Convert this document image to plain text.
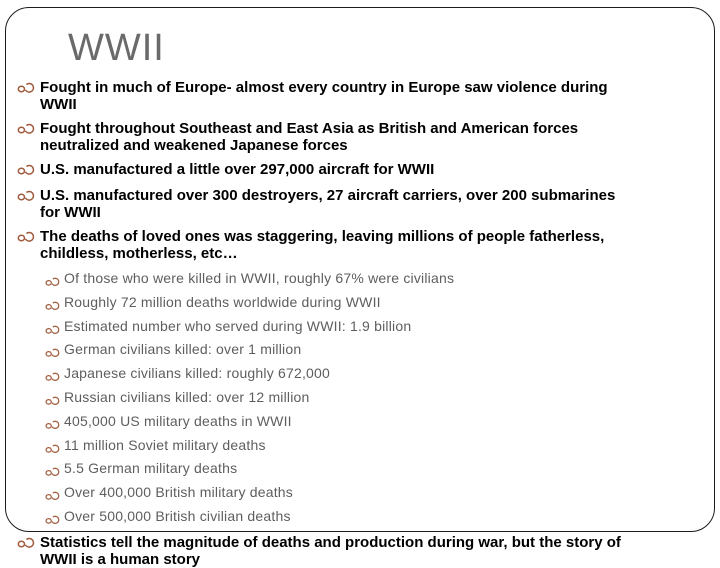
WWII
Fought in much of Europe- almost every country in Europe saw violence during
WWII
Fought throughout Southeast and East Asia as British and American forces
neutralized and weakened Japanese forces
U.S. manufactured a little over 297,000 aircraft for WWII
U.S. manufactured over 300 destroyers, 27 aircraft carriers, over 200 submarines
for WWII
The deaths of loved ones was staggering, leaving millions of people fatherless,
childless, motherless, etc…
Of those who were killed in WWII, roughly 67% were civilians
Roughly 72 million deaths worldwide during WWII
Estimated number who served during WWII: 1.9 billion
German civilians killed: over 1 million
Japanese civilians killed: roughly 672,000
Russian civilians killed: over 12 million
405,000 US military deaths in WWII
11 million Soviet military deaths
5.5 German military deaths
Over 400,000 British military deaths
Over 500,000 British civilian deaths
Statistics tell the magnitude of deaths and production during war, but the story of
WWII is a human story
